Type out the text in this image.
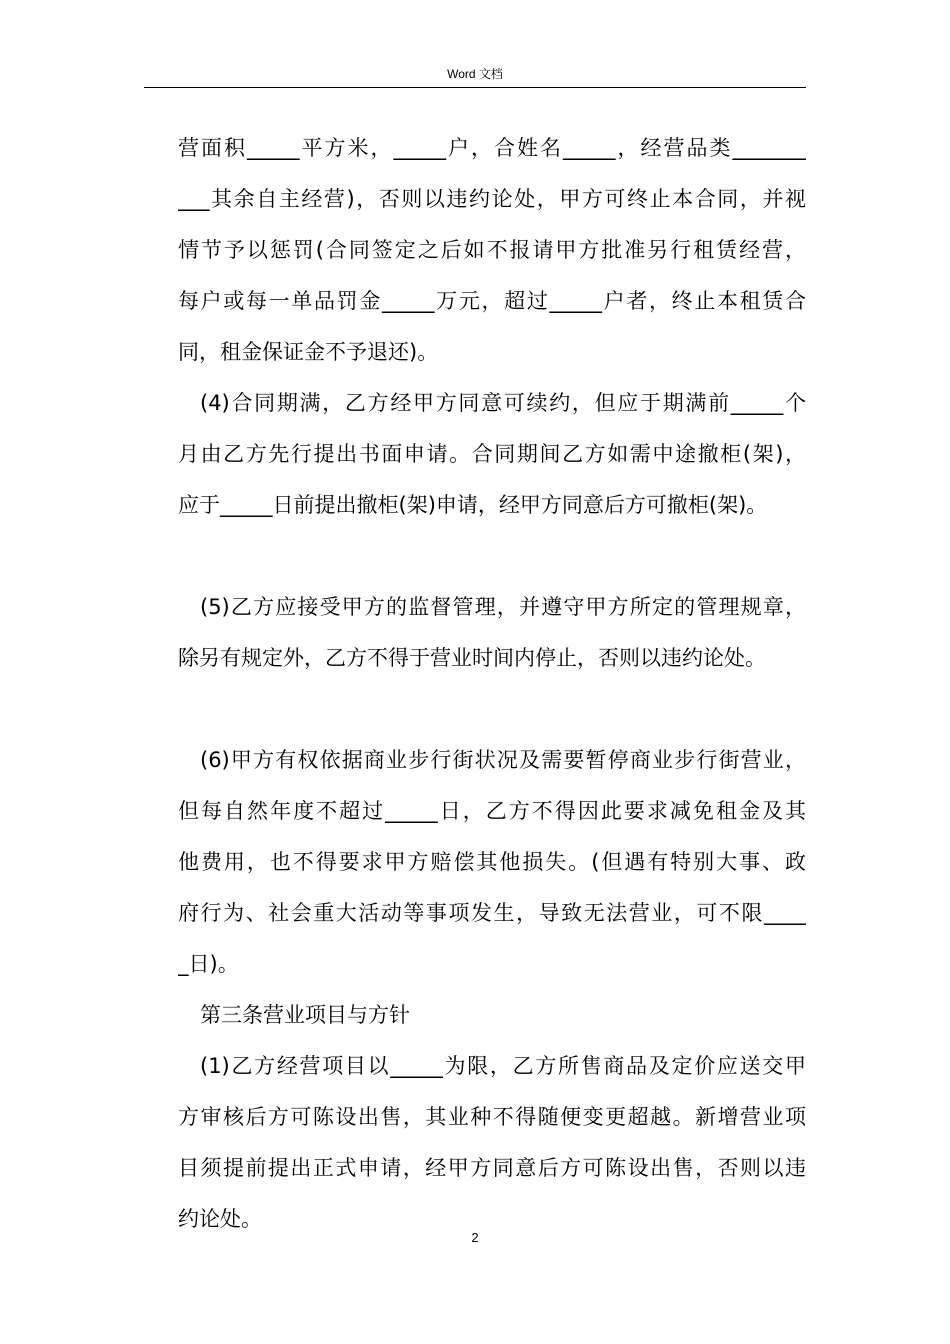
Word 文档
营面积_____平方米，_____户，合姓名_____，经营品类_______
___其余自主经营)，否则以违约论处，甲方可终止本合同，并视
情节予以惩罚(合同签定之后如不报请甲方批准另行租赁经营，
每户或每一单品罚金_____万元，超过_____户者，终止本租赁合
同，租金保证金不予退还)。
(4)合同期满，乙方经甲方同意可续约，但应于期满前_____个
月由乙方先行提出书面申请。合同期间乙方如需中途撤柜(架)，
应于_____日前提出撤柜(架)申请，经甲方同意后方可撤柜(架)。
(5)乙方应接受甲方的监督管理，并遵守甲方所定的管理规章，
除另有规定外，乙方不得于营业时间内停止，否则以违约论处。
(6)甲方有权依据商业步行街状况及需要暂停商业步行街营业，
但每自然年度不超过_____日，乙方不得因此要求减免租金及其
他费用，也不得要求甲方赔偿其他损失。(但遇有特别大事、政
府行为、社会重大活动等事项发生，导致无法营业，可不限____
_日)。
第三条营业项目与方针
(1)乙方经营项目以_____为限，乙方所售商品及定价应送交甲
方审核后方可陈设出售，其业种不得随便变更超越。新增营业项
目须提前提出正式申请，经甲方同意后方可陈设出售，否则以违
约论处。
2
